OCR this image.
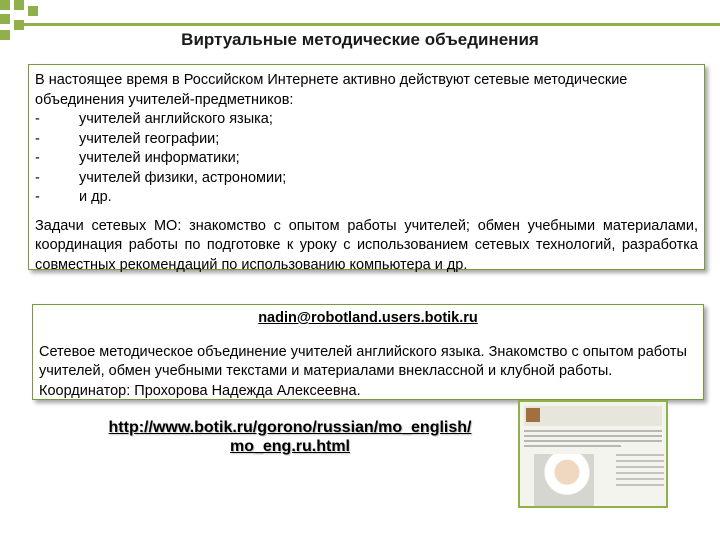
Виртуальные методические объединения
В настоящее время в Российском Интернете активно действуют сетевые методические объединения учителей-предметников:
-	учителей английского языка;
-	учителей географии;
-	учителей информатики;
-	учителей физики, астрономии;
-	и др.
Задачи сетевых МО: знакомство с опытом работы учителей; обмен учебными материалами, координация работы по подготовке к уроку с использованием сетевых технологий, разработка совместных рекомендаций по использованию компьютера и др.
nadin@robotland.users.botik.ru
Сетевое методическое объединение учителей английского языка. Знакомство с опытом работы учителей, обмен учебными текстами и материалами внеклассной и клубной работы. Координатор: Прохорова Надежда Алексеевна.
http://www.botik.ru/gorono/russian/mo_english/
mo_eng.ru.html
